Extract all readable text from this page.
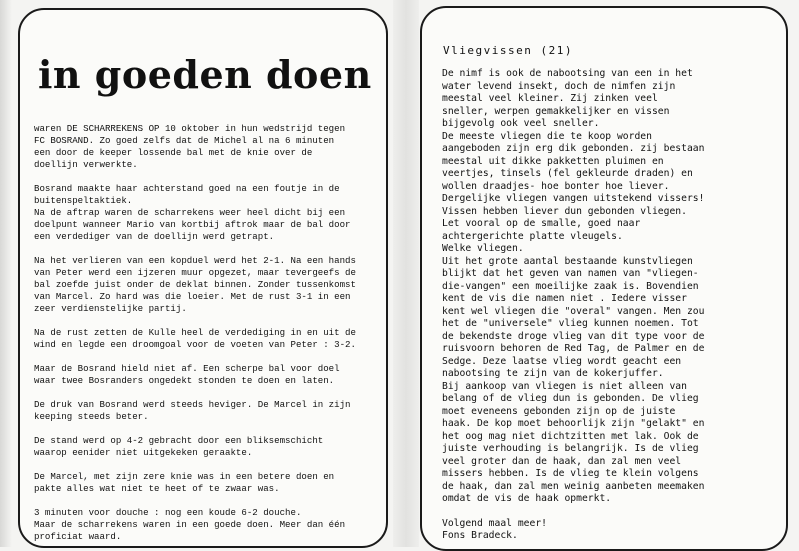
in goeden doen

waren DE SCHARREKENS OP 10 oktober in hun wedstrijd tegen
FC BOSRAND. Zo goed zelfs dat de Michel al na 6 minuten
een door de keeper lossende bal met de knie over de
doellijn verwerkte.

Bosrand maakte haar achterstand goed na een foutje in de
buitenspeltaktiek.
Na de aftrap waren de scharrekens weer heel dicht bij een
doelpunt wanneer Mario van kortbij aftrok maar de bal door
een verdediger van de doellijn werd getrapt.

Na het verlieren van een kopduel werd het 2-1. Na een hands
van Peter werd een ijzeren muur opgezet, maar tevergeefs de
bal zoefde juist onder de deklat binnen. Zonder tussenkomst
van Marcel. Zo hard was die loeier. Met de rust 3-1 in een
zeer verdienstelijke partij.

Na de rust zetten de Kulle heel de verdediging in en uit de
wind en legde een droomgoal voor de voeten van Peter : 3-2.

Maar de Bosrand hield niet af. Een scherpe bal voor doel
waar twee Bosranders ongedekt stonden te doen en laten.

De druk van Bosrand werd steeds heviger. De Marcel in zijn
keeping steeds beter.

De stand werd op 4-2 gebracht door een bliksemschicht
waarop eenider niet uitgekeken geraakte.

De Marcel, met zijn zere knie was in een betere doen en
pakte alles wat niet te heet of te zwaar was.

3 minuten voor douche : nog een koude 6-2 douche.
Maar de scharrekens waren in een goede doen. Meer dan één
proficiat waard.

Vliegvissen (21)
De nimf is ook de nabootsing van een in het
water levend insekt, doch de nimfen zijn
meestal veel kleiner. Zij zinken veel
sneller, werpen gemakkelijker en vissen
bijgevolg ook veel sneller.
De meeste vliegen die te koop worden
aangeboden zijn erg dik gebonden. zij bestaan
meestal uit dikke pakketten pluimen en
veertjes, tinsels (fel gekleurde draden) en
wollen draadjes- hoe bonter hoe liever.
Dergelijke vliegen vangen uitstekend vissers!
Vissen hebben liever dun gebonden vliegen.
Let vooral op de smalle, goed naar
achtergerichte platte vleugels.
Welke vliegen.
Uit het grote aantal bestaande kunstvliegen
blijkt dat het geven van namen van "vliegen-
die-vangen" een moeilijke zaak is. Bovendien
kent de vis die namen niet . Iedere visser
kent wel vliegen die "overal" vangen. Men zou
het de "universele" vlieg kunnen noemen. Tot
de bekendste droge vlieg van dit type voor de
ruisvoorn behoren de Red Tag, de Palmer en de
Sedge. Deze laatse vlieg wordt geacht een
nabootsing te zijn van de kokerjuffer.
Bij aankoop van vliegen is niet alleen van
belang of de vlieg dun is gebonden. De vlieg
moet eveneens gebonden zijn op de juiste
haak. De kop moet behoorlijk zijn "gelakt" en
het oog mag niet dichtzitten met lak. Ook de
juiste verhouding is belangrijk. Is de vlieg
veel groter dan de haak, dan zal men veel
missers hebben. Is de vlieg te klein volgens
de haak, dan zal men weinig aanbeten meemaken
omdat de vis de haak opmerkt.
Volgend maal meer!
Fons Bradeck.
